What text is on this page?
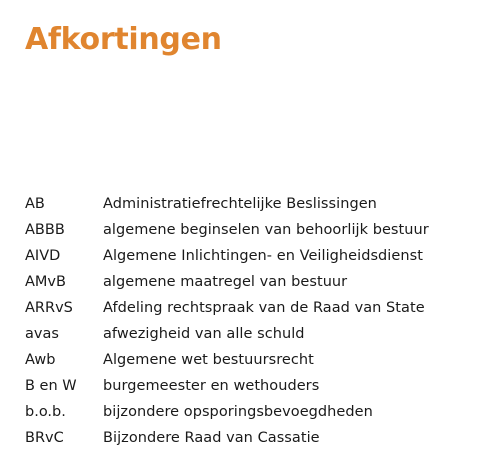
Afkortingen
AB	Administratiefrechtelijke Beslissingen
ABBB	algemene beginselen van behoorlijk bestuur
AIVD	Algemene Inlichtingen- en Veiligheidsdienst
AMvB	algemene maatregel van bestuur
ARRvS	Afdeling rechtspraak van de Raad van State
avas	afwezigheid van alle schuld
Awb	Algemene wet bestuursrecht
B en W	burgemeester en wethouders
b.o.b.	bijzondere opsporingsbevoegdheden
BRvC	Bijzondere Raad van Cassatie
